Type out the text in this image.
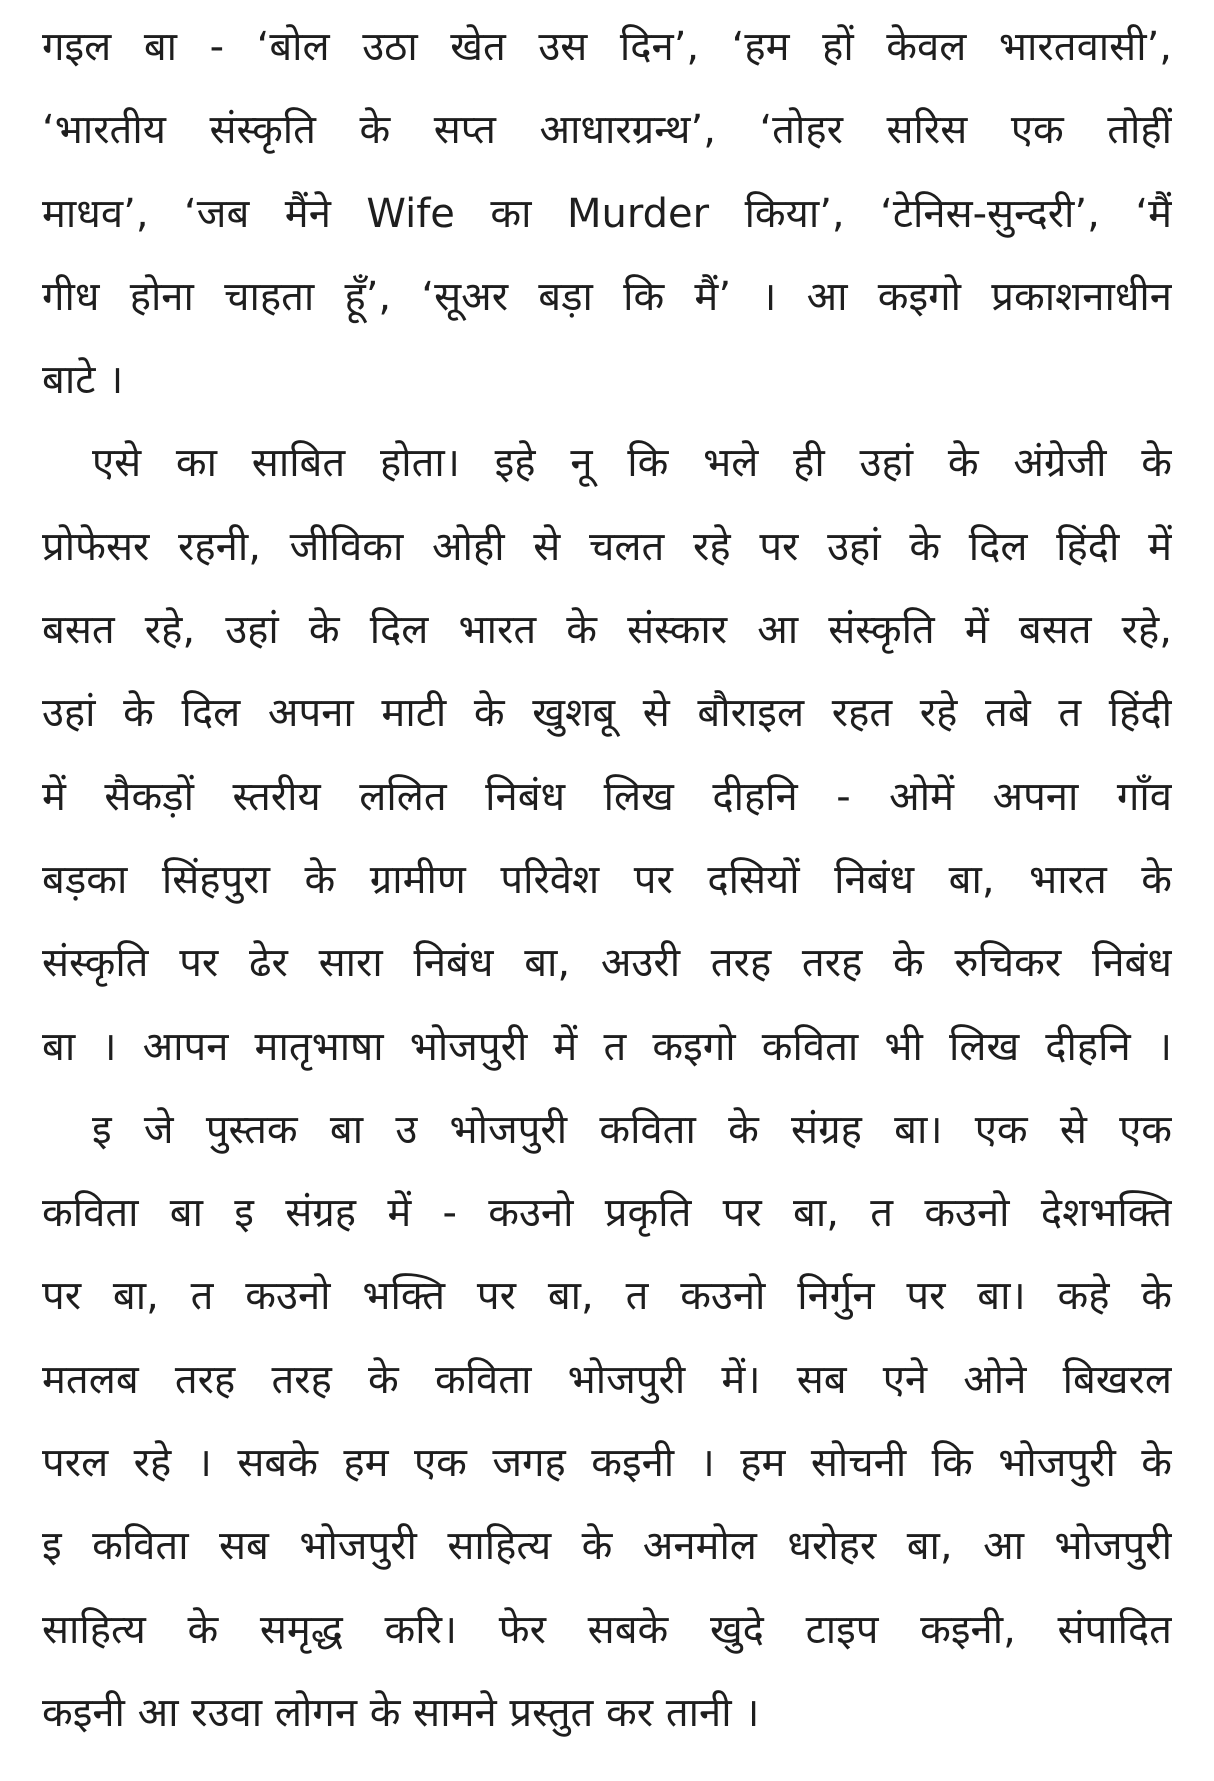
गइल बा - ‘बोल उठा खेत उस दिन’, ‘हम हों केवल भारतवासी’,
‘भारतीय संस्कृति के सप्त आधारग्रन्थ’, ‘तोहर सरिस एक तोहीं
माधव’, ‘जब मैंने Wife का Murder किया’, ‘टेनिस-सुन्दरी’, ‘मैं
गीध होना चाहता हूँ’, ‘सूअर बड़ा कि मैं’ । आ कइगो प्रकाशनाधीन
बाटे ।
एसे का साबित होता। इहे नू कि भले ही उहां के अंग्रेजी के
प्रोफेसर रहनी, जीविका ओही से चलत रहे पर उहां के दिल हिंदी में
बसत रहे, उहां के दिल भारत के संस्कार आ संस्कृति में बसत रहे,
उहां के दिल अपना माटी के खुशबू से बौराइल रहत रहे तबे त हिंदी
में सैकड़ों स्तरीय ललित निबंध लिख दीहनि - ओमें अपना गाँव
बड़का सिंहपुरा के ग्रामीण परिवेश पर दसियों निबंध बा, भारत के
संस्कृति पर ढेर सारा निबंध बा, अउरी तरह तरह के रुचिकर निबंध
बा । आपन मातृभाषा भोजपुरी में त कइगो कविता भी लिख दीहनि ।
इ जे पुस्तक बा उ भोजपुरी कविता के संग्रह बा। एक से एक
कविता बा इ संग्रह में - कउनो प्रकृति पर बा, त कउनो देशभक्ति
पर बा, त कउनो भक्ति पर बा, त कउनो निर्गुन पर बा। कहे के
मतलब तरह तरह के कविता भोजपुरी में। सब एने ओने बिखरल
परल रहे । सबके हम एक जगह कइनी । हम सोचनी कि भोजपुरी के
इ कविता सब भोजपुरी साहित्य के अनमोल धरोहर बा, आ भोजपुरी
साहित्य के समृद्ध करि। फेर सबके खुदे टाइप कइनी, संपादित
कइनी आ रउवा लोगन के सामने प्रस्तुत कर तानी ।
